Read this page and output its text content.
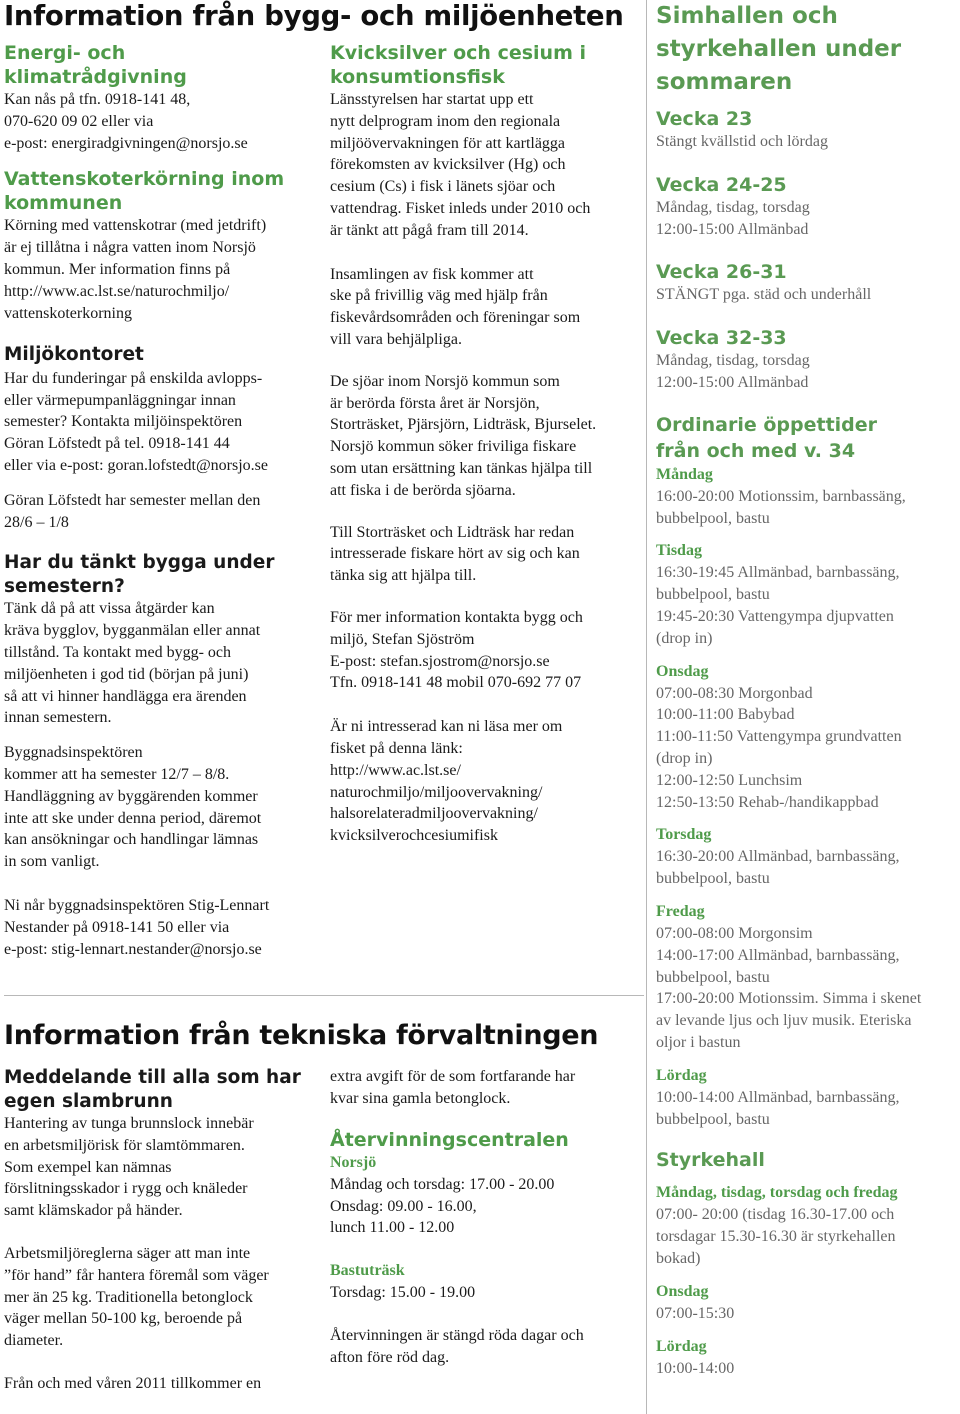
Information från bygg- och miljöenheten

Energi- och klimatrådgivning

Kan nås på tfn. 0918-141 48,
070-620 09 02 eller via
e-post: energiradgivningen@norsjo.se

Vattenskoterkörning inom
kommunen

Körning med vattenskotrar (med jetdrift)
är ej tillåtna i några vatten inom Norsjö
kommun. Mer information finns på
http://www.ac.lst.se/naturochmiljo/
vattenskoterkorning

Miljökontoret

Har du funderingar på enskilda avlopps-
eller värmepumpanläggningar innan
semester? Kontakta miljöinspektören
Göran Löfstedt på tel. 0918-141 44
eller via e-post: goran.lofstedt@norsjo.se

Göran Löfstedt har semester mellan den
28/6 – 1/8

Har du tänkt bygga under
semestern?

Tänk då på att vissa åtgärder kan
kräva bygglov, bygganmälan eller annat
tillstånd. Ta kontakt med bygg- och
miljöenheten i god tid (början på juni)
så att vi hinner handlägga era ärenden
innan semestern.

Byggnadsinspektören
kommer att ha semester 12/7 – 8/8.
Handläggning av byggärenden kommer
inte att ske under denna period, däremot
kan ansökningar och handlingar lämnas
in som vanligt.

Ni når byggnadsinspektören Stig-Lennart
Nestander på 0918-141 50 eller via
e-post: stig-lennart.nestander@norsjo.se

Kvicksilver och cesium i
konsumtionsfisk

Länsstyrelsen har startat upp ett
nytt delprogram inom den regionala
miljöövervakningen för att kartlägga
förekomsten av kvicksilver (Hg) och
cesium (Cs) i fisk i länets sjöar och
vattendrag. Fisket inleds under 2010 och
är tänkt att pågå fram till 2014.

Insamlingen av fisk kommer att
ske på frivillig väg med hjälp från
fiskevårdsområden och föreningar som
vill vara behjälpliga.

De sjöar inom Norsjö kommun som
är berörda första året är Norsjön,
Storträsket, Pjärsjörn, Lidträsk, Bjurselet.
Norsjö kommun söker friviliga fiskare
som utan ersättning kan tänkas hjälpa till
att fiska i de berörda sjöarna.

Till Storträsket och Lidträsk har redan
intresserade fiskare hört av sig och kan
tänka sig att hjälpa till.

För mer information kontakta bygg och
miljö, Stefan Sjöström
E-post: stefan.sjostrom@norsjo.se
Tfn. 0918-141 48 mobil 070-692 77 07

Är ni intresserad kan ni läsa mer om
fisket på denna länk:
http://www.ac.lst.se/
naturochmiljo/miljoovervakning/
halsorelateradmiljoovervakning/
kvicksilverochcesiumifisk

Information från tekniska förvaltningen

Meddelande till alla som har
egen slambrunn

Hantering av tunga brunnslock innebär
en arbetsmiljörisk för slamtömmaren.
Som exempel kan nämnas
förslitningsskador i rygg och knäleder
samt klämskador på händer.

Arbetsmiljöreglerna säger att man inte
”för hand” får hantera föremål som väger
mer än 25 kg. Traditionella betonglock
väger mellan 50-100 kg, beroende på
diameter.

Från och med våren 2011 tillkommer en

extra avgift för de som fortfarande har
kvar sina gamla betonglock.

Återvinningscentralen

Norsjö

Måndag och torsdag: 17.00 - 20.00
Onsdag: 09.00 - 16.00,
lunch 11.00 - 12.00

Bastuträsk

Torsdag: 15.00 - 19.00

Återvinningen är stängd röda dagar och
afton före röd dag.

Simhallen och
styrkehallen under
sommaren

Vecka 23

Stängt kvällstid och lördag

Vecka 24-25

Måndag, tisdag, torsdag
12:00-15:00 Allmänbad

Vecka 26-31

STÄNGT pga. städ och underhåll

Vecka 32-33

Måndag, tisdag, torsdag
12:00-15:00 Allmänbad

Ordinarie öppettider
från och med v. 34

Måndag

16:00-20:00 Motionssim, barnbassäng,
bubbelpool, bastu

Tisdag

16:30-19:45 Allmänbad, barnbassäng,
bubbelpool, bastu
19:45-20:30 Vattengympa djupvatten
(drop in)

Onsdag

07:00-08:30 Morgonbad
10:00-11:00 Babybad
11:00-11:50 Vattengympa grundvatten
(drop in)
12:00-12:50 Lunchsim
12:50-13:50 Rehab-/handikappbad

Torsdag

16:30-20:00 Allmänbad, barnbassäng,
bubbelpool, bastu

Fredag

07:00-08:00 Morgonsim
14:00-17:00 Allmänbad, barnbassäng,
bubbelpool, bastu
17:00-20:00 Motionssim. Simma i skenet
av levande ljus och ljuv musik. Eteriska
oljor i bastun

Lördag

10:00-14:00 Allmänbad, barnbassäng,
bubbelpool, bastu

Styrkehall

Måndag, tisdag, torsdag och fredag

07:00- 20:00 (tisdag 16.30-17.00 och
torsdagar 15.30-16.30 är styrkehallen
bokad)

Onsdag

07:00-15:30

Lördag

10:00-14:00
